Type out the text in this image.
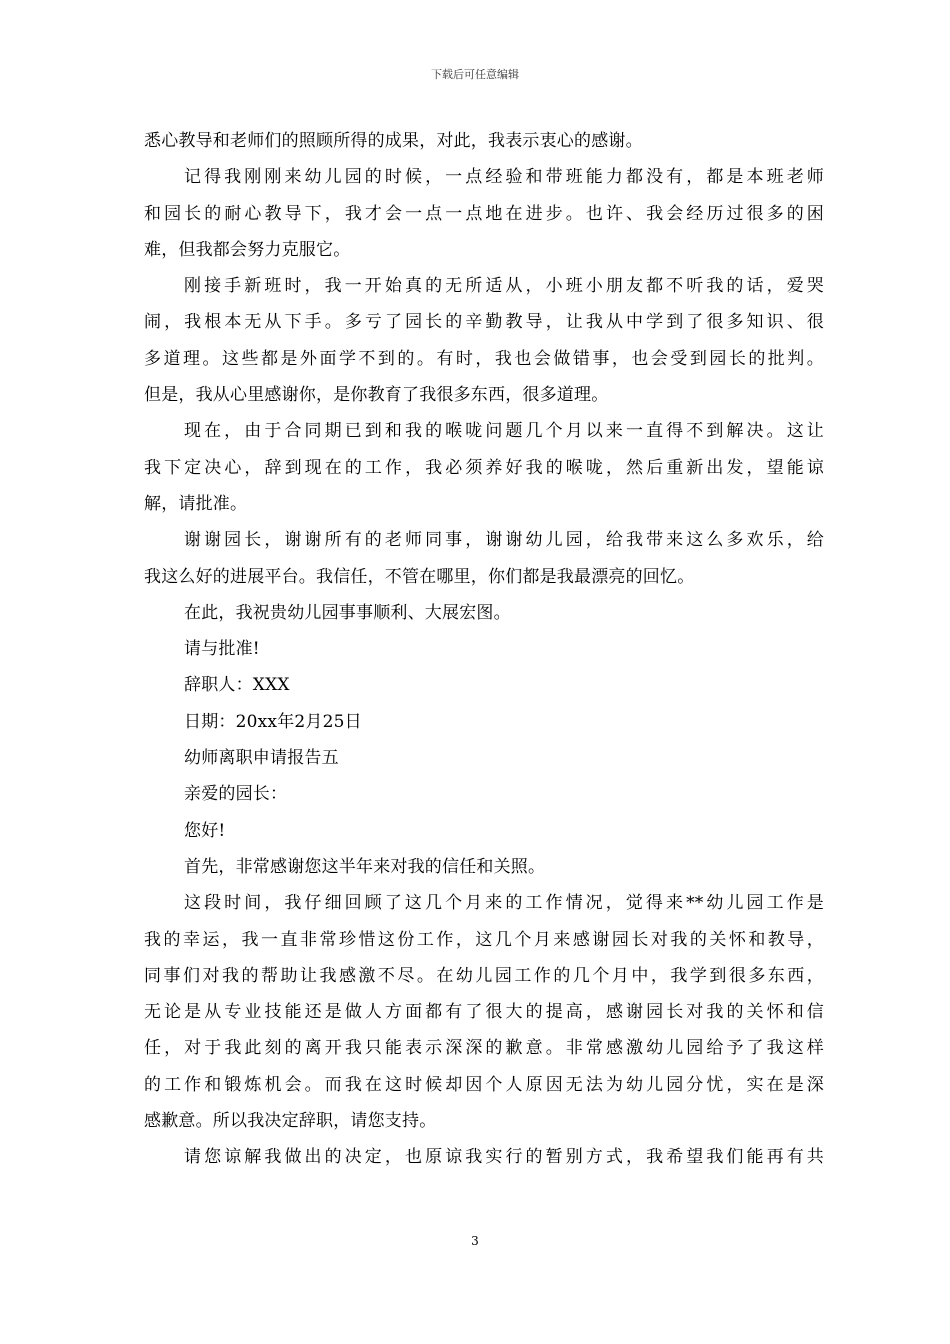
下载后可任意编辑
悉心教导和老师们的照顾所得的成果，对此，我表示衷心的感谢。
记得我刚刚来幼儿园的时候，一点经验和带班能力都没有，都是本班老师
和园长的耐心教导下，我才会一点一点地在进步。也许、我会经历过很多的困
难，但我都会努力克服它。
刚接手新班时，我一开始真的无所适从，小班小朋友都不听我的话，爱哭
闹，我根本无从下手。多亏了园长的辛勤教导，让我从中学到了很多知识、很
多道理。这些都是外面学不到的。有时，我也会做错事，也会受到园长的批判。
但是，我从心里感谢你，是你教育了我很多东西，很多道理。
现在，由于合同期已到和我的喉咙问题几个月以来一直得不到解决。这让
我下定决心，辞到现在的工作，我必须养好我的喉咙，然后重新出发，望能谅
解，请批准。
谢谢园长，谢谢所有的老师同事，谢谢幼儿园，给我带来这么多欢乐，给
我这么好的进展平台。我信任，不管在哪里，你们都是我最漂亮的回忆。
在此，我祝贵幼儿园事事顺利、大展宏图。
请与批准!
辞职人：XXX
日期：20xx年2月25日
幼师离职申请报告五
亲爱的园长：
您好!
首先，非常感谢您这半年来对我的信任和关照。
这段时间，我仔细回顾了这几个月来的工作情况，觉得来**幼儿园工作是
我的幸运，我一直非常珍惜这份工作，这几个月来感谢园长对我的关怀和教导，
同事们对我的帮助让我感激不尽。在幼儿园工作的几个月中，我学到很多东西，
无论是从专业技能还是做人方面都有了很大的提高，感谢园长对我的关怀和信
任，对于我此刻的离开我只能表示深深的歉意。非常感激幼儿园给予了我这样
的工作和锻炼机会。而我在这时候却因个人原因无法为幼儿园分忧，实在是深
感歉意。所以我决定辞职，请您支持。
请您谅解我做出的决定，也原谅我实行的暂别方式，我希望我们能再有共
3
